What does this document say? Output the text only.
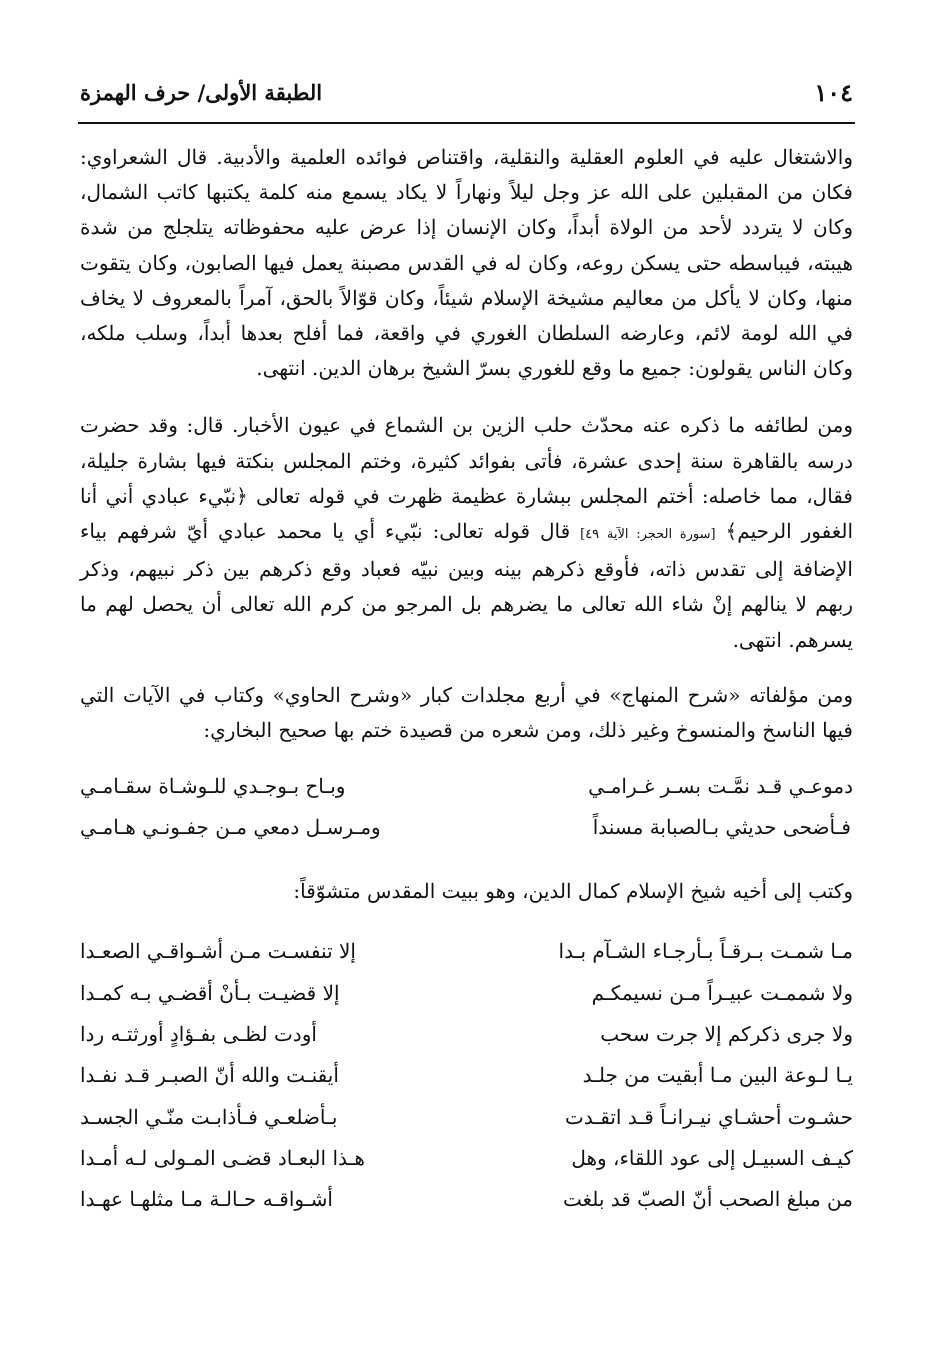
١٠٤
الطبقة الأولى/ حرف الهمزة

والاشتغال عليه في العلوم العقلية والنقلية، واقتناص فوائده العلمية والأدبية. قال الشعراوي: فكان من المقبلين على الله عز وجل ليلاً ونهاراً لا يكاد يسمع منه كلمة يكتبها كاتب الشمال، وكان لا يتردد لأحد من الولاة أبداً، وكان الإنسان إذا عرض عليه محفوظاته يتلجلج من شدة هيبته، فيباسطه حتى يسكن روعه، وكان له في القدس مصبنة يعمل فيها الصابون، وكان يتقوت منها، وكان لا يأكل من معاليم مشيخة الإسلام شيئاً، وكان قوّالاً بالحق، آمراً بالمعروف لا يخاف في الله لومة لائم، وعارضه السلطان الغوري في واقعة، فما أفلح بعدها أبداً، وسلب ملكه، وكان الناس يقولون: جميع ما وقع للغوري بسرّ الشيخ برهان الدين. انتهى.

ومن لطائفه ما ذكره عنه محدّث حلب الزين بن الشماع في عيون الأخبار. قال: وقد حضرت درسه بالقاهرة سنة إحدى عشرة، فأتى بفوائد كثيرة، وختم المجلس بنكتة فيها بشارة جليلة، فقال، مما خاصله: أختم المجلس ببشارة عظيمة ظهرت في قوله تعالى ﴿نبّيء عبادي أني أنا الغفور الرحيم﴾ [سورة الحجر: الآية ٤٩] قال قوله تعالى: نبّيء أي يا محمد عبادي أيّ شرفهم بياء الإضافة إلى تقدس ذاته، فأوقع ذكرهم بينه وبين نبيّه فعباد وقع ذكرهم بين ذكر نبيهم، وذكر ربهم لا ينالهم إنْ شاء الله تعالى ما يضرهم بل المرجو من كرم الله تعالى أن يحصل لهم ما يسرهم. انتهى.

ومن مؤلفاته «شرح المنهاج» في أربع مجلدات كبار «وشرح الحاوي» وكتاب في الآيات التي فيها الناسخ والمنسوخ وغير ذلك، ومن شعره من قصيدة ختم بها صحيح البخاري:

دموعـي قـد نمَّـت بسـر غـرامـي
وبـاح بـوجـدي للـوشـاة سقـامـي
فـأضحى حديثي بـالصبابة مسنداً
ومـرسـل دمعي مـن جفـونـي هـامـي

وكتب إلى أخيه شيخ الإسلام كمال الدين، وهو ببيت المقدس متشوّقاً:

مـا شمـت بـرقـاً بـأرجـاء الشـآم بـدا
إلا تنفسـت مـن أشـواقـي الصعـدا
ولا شممـت عبيـراً مـن نسيمكـم
إلا قضيـت بـأنْ أقضـي بـه كمـدا
ولا جرى ذكركم إلا جرت سحب
أودت لظـى بفـؤادٍ أورثتـه ردا
يـا لـوعة البين مـا أبقيت من جلـد
أيقنـت والله أنّ الصبـر قـد نفـدا
حشـوت أحشـاي نيـرانـاً قـد اتقـدت
بـأضلعـي فـأذابـت منّـي الجسـد
كيـف السبيـل إلى عود اللقاء، وهل
هـذا البعـاد قضـى المـولى لـه أمـدا
من مبلغ الصحب أنّ الصبّ قد بلغت
أشـواقـه حـالـة مـا مثلهـا عهـدا
